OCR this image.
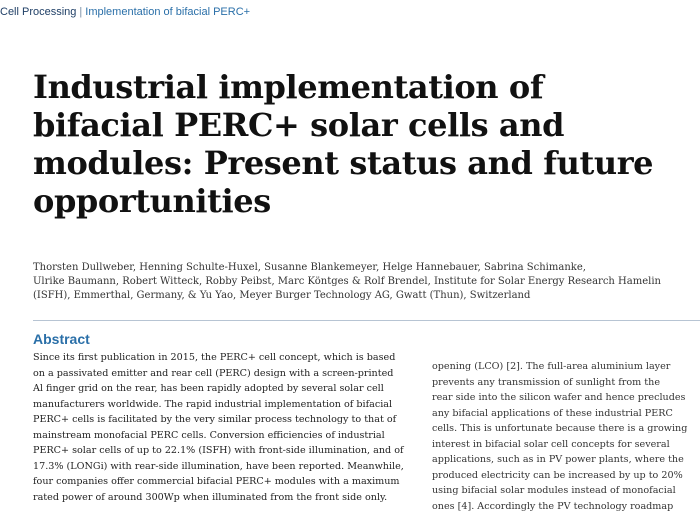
Cell Processing | Implementation of bifacial PERC+
Industrial implementation of
bifacial PERC+ solar cells and
modules: Present status and future
opportunities
Thorsten Dullweber, Henning Schulte-Huxel, Susanne Blankemeyer, Helge Hannebauer, Sabrina Schimanke,
Ulrike Baumann, Robert Witteck, Robby Peibst, Marc Köntges & Rolf Brendel, Institute for Solar Energy Research Hamelin
(ISFH), Emmerthal, Germany, & Yu Yao, Meyer Burger Technology AG, Gwatt (Thun), Switzerland
Abstract
Since its first publication in 2015, the PERC+ cell concept, which is based
on a passivated emitter and rear cell (PERC) design with a screen-printed
Al finger grid on the rear, has been rapidly adopted by several solar cell
manufacturers worldwide. The rapid industrial implementation of bifacial
PERC+ cells is facilitated by the very similar process technology to that of
mainstream monofacial PERC cells. Conversion efficiencies of industrial
PERC+ solar cells of up to 22.1% (ISFH) with front-side illumination, and of
17.3% (LONGi) with rear-side illumination, have been reported. Meanwhile,
four companies offer commercial bifacial PERC+ modules with a maximum
rated power of around 300Wp when illuminated from the front side only.
opening (LCO) [2]. The full-area aluminium layer
prevents any transmission of sunlight from the
rear side into the silicon wafer and hence precludes
any bifacial applications of these industrial PERC
cells. This is unfortunate because there is a growing
interest in bifacial solar cell concepts for several
applications, such as in PV power plants, where the
produced electricity can be increased by up to 20%
using bifacial solar modules instead of monofacial
ones [4]. Accordingly the PV technology roadmap
